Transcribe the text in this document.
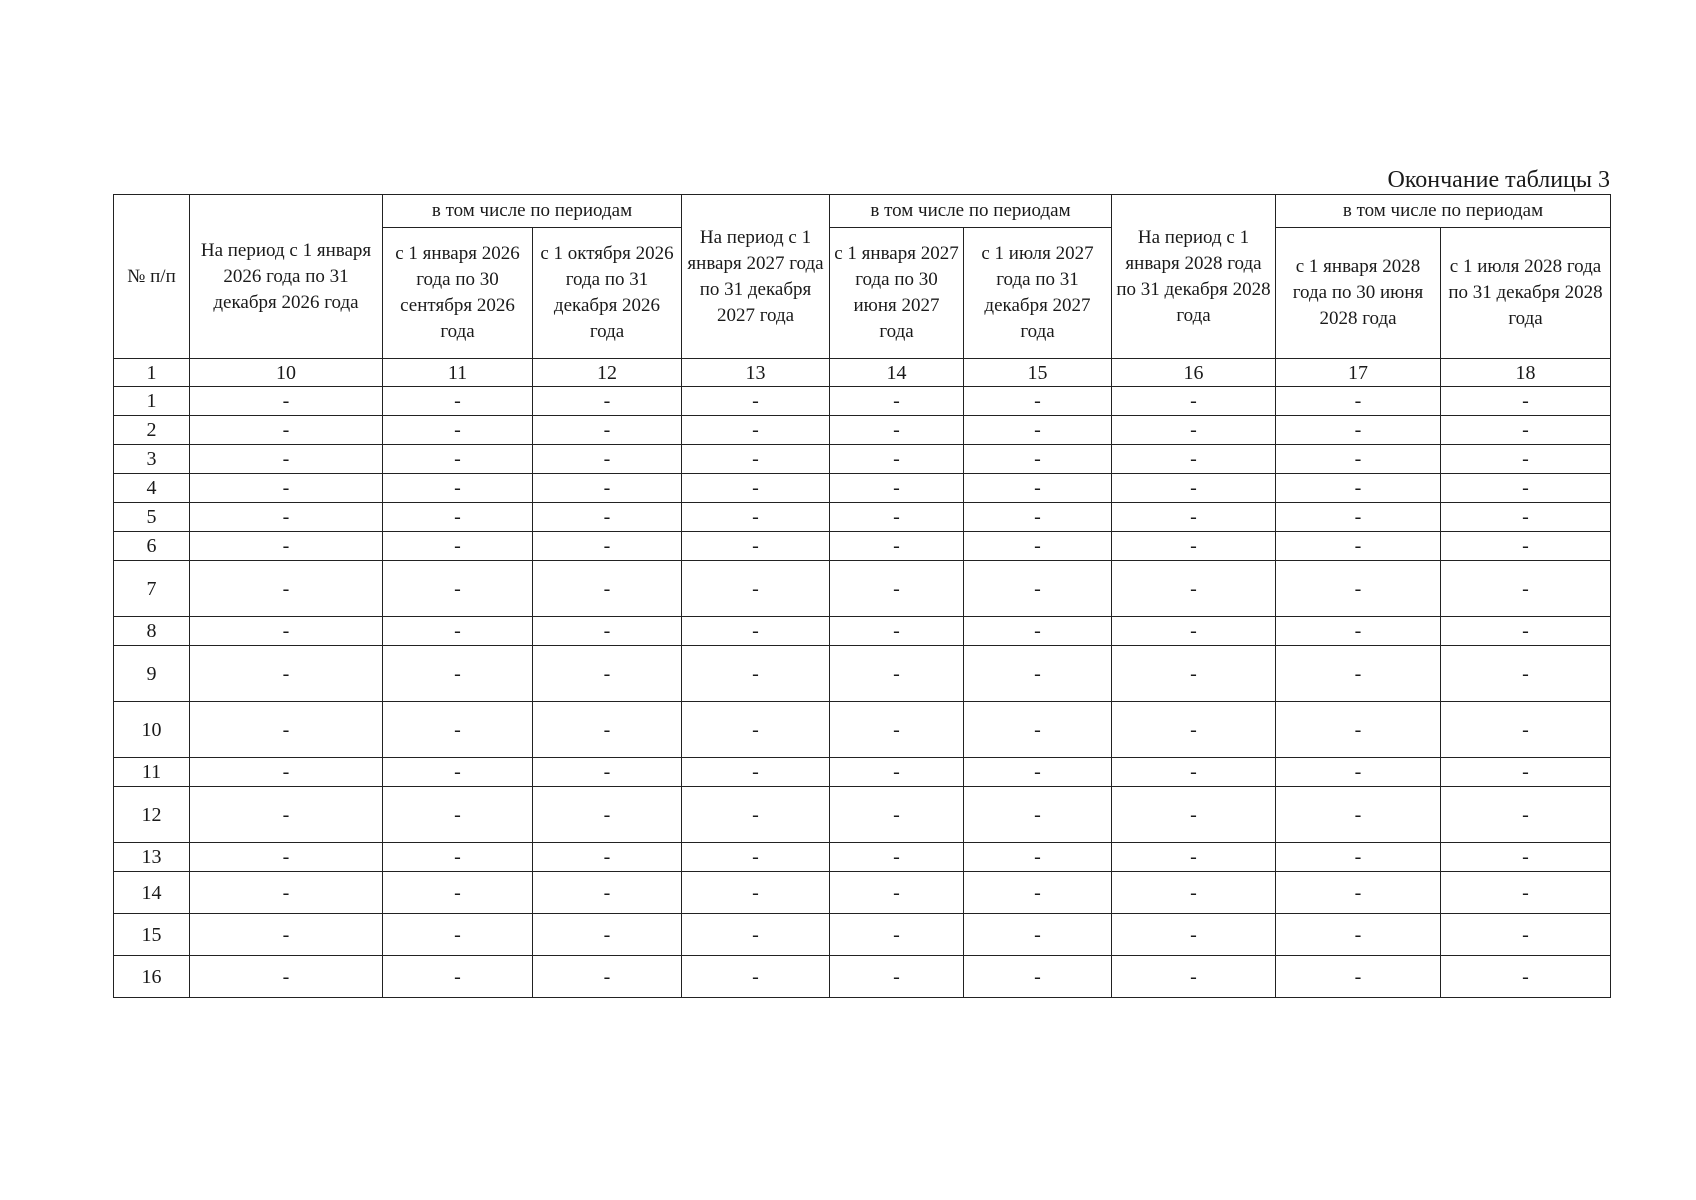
Окончание таблицы 3
№ п/п	На период с 1 января 2026 года по 31 декабря 2026 года	в том числе по периодам		На период с 1 января 2027 года по 31 декабря 2027 года	в том числе по периодам		На период с 1 января 2028 года по 31 декабря 2028 года	в том числе по периодам	
		с 1 января 2026 года по 30 сентября 2026 года	с 1 октября 2026 года по 31 декабря 2026 года		с 1 января 2027 года по 30 июня 2027 года	с 1 июля 2027 года по 31 декабря 2027 года		с 1 января 2028 года по 30 июня 2028 года	с 1 июля 2028 года по 31 декабря 2028 года
1	10	11	12	13	14	15	16	17	18
1	-	-	-	-	-	-	-	-	-
2	-	-	-	-	-	-	-	-	-
3	-	-	-	-	-	-	-	-	-
4	-	-	-	-	-	-	-	-	-
5	-	-	-	-	-	-	-	-	-
6	-	-	-	-	-	-	-	-	-
7	-	-	-	-	-	-	-	-	-
8	-	-	-	-	-	-	-	-	-
9	-	-	-	-	-	-	-	-	-
10	-	-	-	-	-	-	-	-	-
11	-	-	-	-	-	-	-	-	-
12	-	-	-	-	-	-	-	-	-
13	-	-	-	-	-	-	-	-	-
14	-	-	-	-	-	-	-	-	-
15	-	-	-	-	-	-	-	-	-
16	-	-	-	-	-	-	-	-	-
